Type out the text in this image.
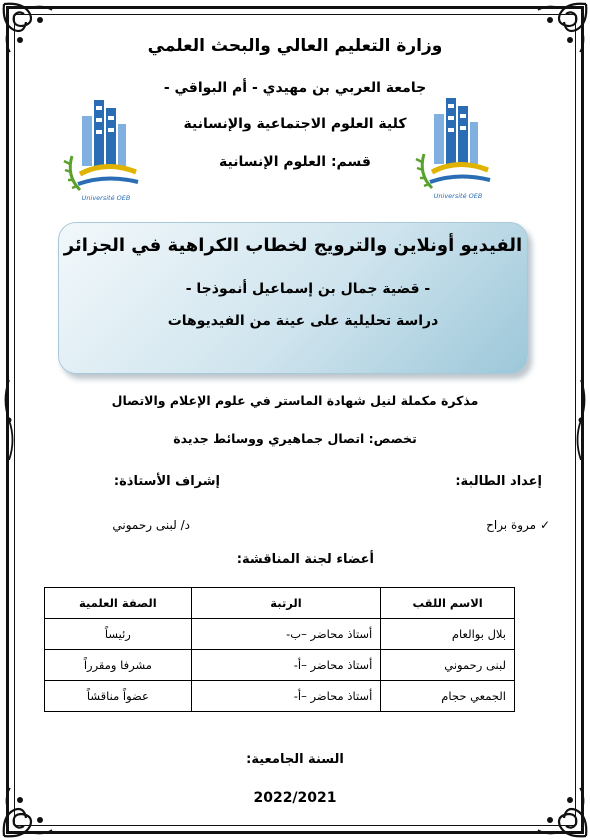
وزارة التعليم العالي والبحث العلمي
جامعة العربي بن مهيدي - أم البواقي -
كلية العلوم الاجتماعية والإنسانية
قسم: العلوم الإنسانية
Université OEB	Université OEB
الفيديو أونلاين والترويج لخطاب الكراهية في الجزائر
- قضية جمال بن إسماعيل أنموذجا -
دراسة تحليلية على عينة من الفيديوهات
مذكرة مكملة لنيل شهادة الماستر في علوم الإعلام والاتصال
تخصص: اتصال جماهيري ووسائط جديدة
إعداد الطالبة:
إشراف الأستاذة:
✓ مروة براح
د/ لبنى رحموني
أعضاء لجنة المناقشة:
الاسم اللقب	الرتبة	الصفة العلمية
بلال بوالعام	أستاذ محاضر –ب-	رئيساً
لبنى رحموني	أستاذ محاضر –أ-	مشرفا ومقرراً
الجمعي حجام	أستاذ محاضر –أ-	عضواً مناقشاً
السنة الجامعية:
2022/2021
